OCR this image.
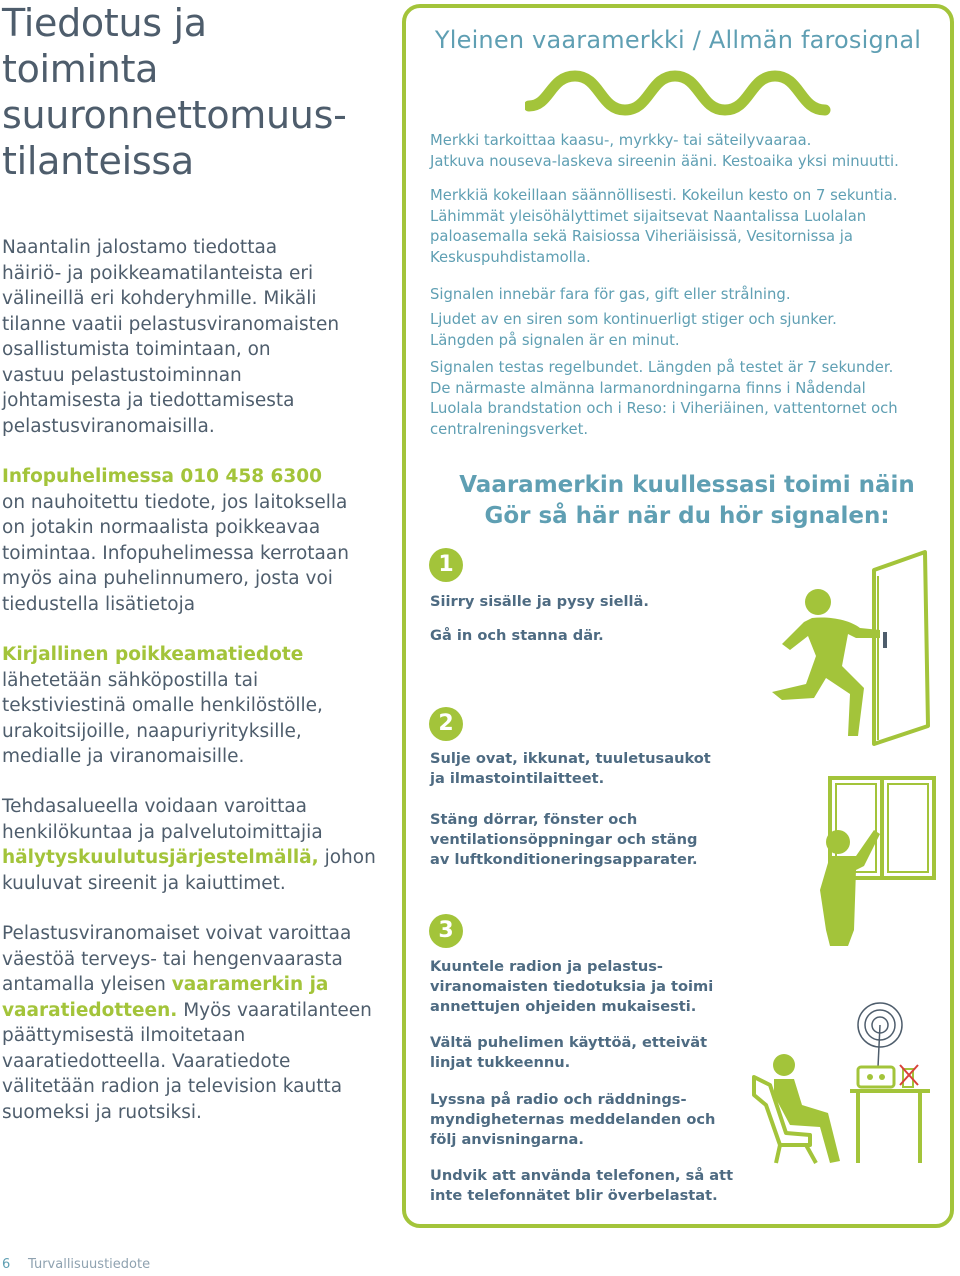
Tiedotus ja
toiminta
suuronnettomuus-
tilanteissa
Naantalin jalostamo tiedottaa
häiriö- ja poikkeamatilanteista eri
välineillä eri kohderyhmille. Mikäli
tilanne vaatii pelastusviranomaisten
osallistumista toimintaan, on
vastuu pelastustoiminnan
johtamisesta ja tiedottamisesta
pelastusviranomaisilla.
Infopuhelimessa 010 458 6300
on nauhoitettu tiedote, jos laitoksella
on jotakin normaalista poikkeavaa
toimintaa. Infopuhelimessa kerrotaan
myös aina puhelinnumero, josta voi
tiedustella lisätietoja
Kirjallinen poikkeamatiedote
lähetetään sähköpostilla tai
tekstiviestinä omalle henkilöstölle,
urakoitsijoille, naapuriyrityksille,
medialle ja viranomaisille.
Tehdasalueella voidaan varoittaa
henkilökuntaa ja palvelutoimittajia
hälytyskuulutusjärjestelmällä, johon
kuuluvat sireenit ja kaiuttimet.
Pelastusviranomaiset voivat varoittaa
väestöä terveys- tai hengenvaarasta
antamalla yleisen vaaramerkin ja
vaaratiedotteen. Myös vaaratilanteen
päättymisestä ilmoitetaan
vaaratiedotteella. Vaaratiedote
välitetään radion ja television kautta
suomeksi ja ruotsiksi.
Yleinen vaaramerkki / Allmän farosignal
Merkki tarkoittaa kaasu-, myrkky- tai säteilyvaaraa.
Jatkuva nouseva-laskeva sireenin ääni. Kestoaika yksi minuutti.
Merkkiä kokeillaan säännöllisesti. Kokeilun kesto on 7 sekuntia.
Lähimmät yleisöhälyttimet sijaitsevat Naantalissa Luolalan
paloasemalla sekä Raisiossa Viheriäisissä, Vesitornissa ja
Keskuspuhdistamolla.
Signalen innebär fara för gas, gift eller strålning.
Ljudet av en siren som kontinuerligt stiger och sjunker.
Längden på signalen är en minut.
Signalen testas regelbundet. Längden på testet är 7 sekunder.
De närmaste almänna larmanordningarna finns i Nådendal
Luolala brandstation och i Reso: i Viheriäinen, vattentornet och
centralreningsverket.
Vaaramerkin kuullessasi toimi näin
Gör så här när du hör signalen:
1
Siirry sisälle ja pysy siellä.
Gå in och stanna där.
2
Sulje ovat, ikkunat, tuuletusaukot
ja ilmastointilaitteet.
Stäng dörrar, fönster och
ventilationsöppningar och stäng
av luftkonditioneringsapparater.
3
Kuuntele radion ja pelastus-
viranomaisten tiedotuksia ja toimi
annettujen ohjeiden mukaisesti.
Vältä puhelimen käyttöä, etteivät
linjat tukkeennu.
Lyssna på radio och räddnings-
myndigheternas meddelanden och
följ anvisningarna.
Undvik att använda telefonen, så att
inte telefonnätet blir överbelastat.
6 Turvallisuustiedote
